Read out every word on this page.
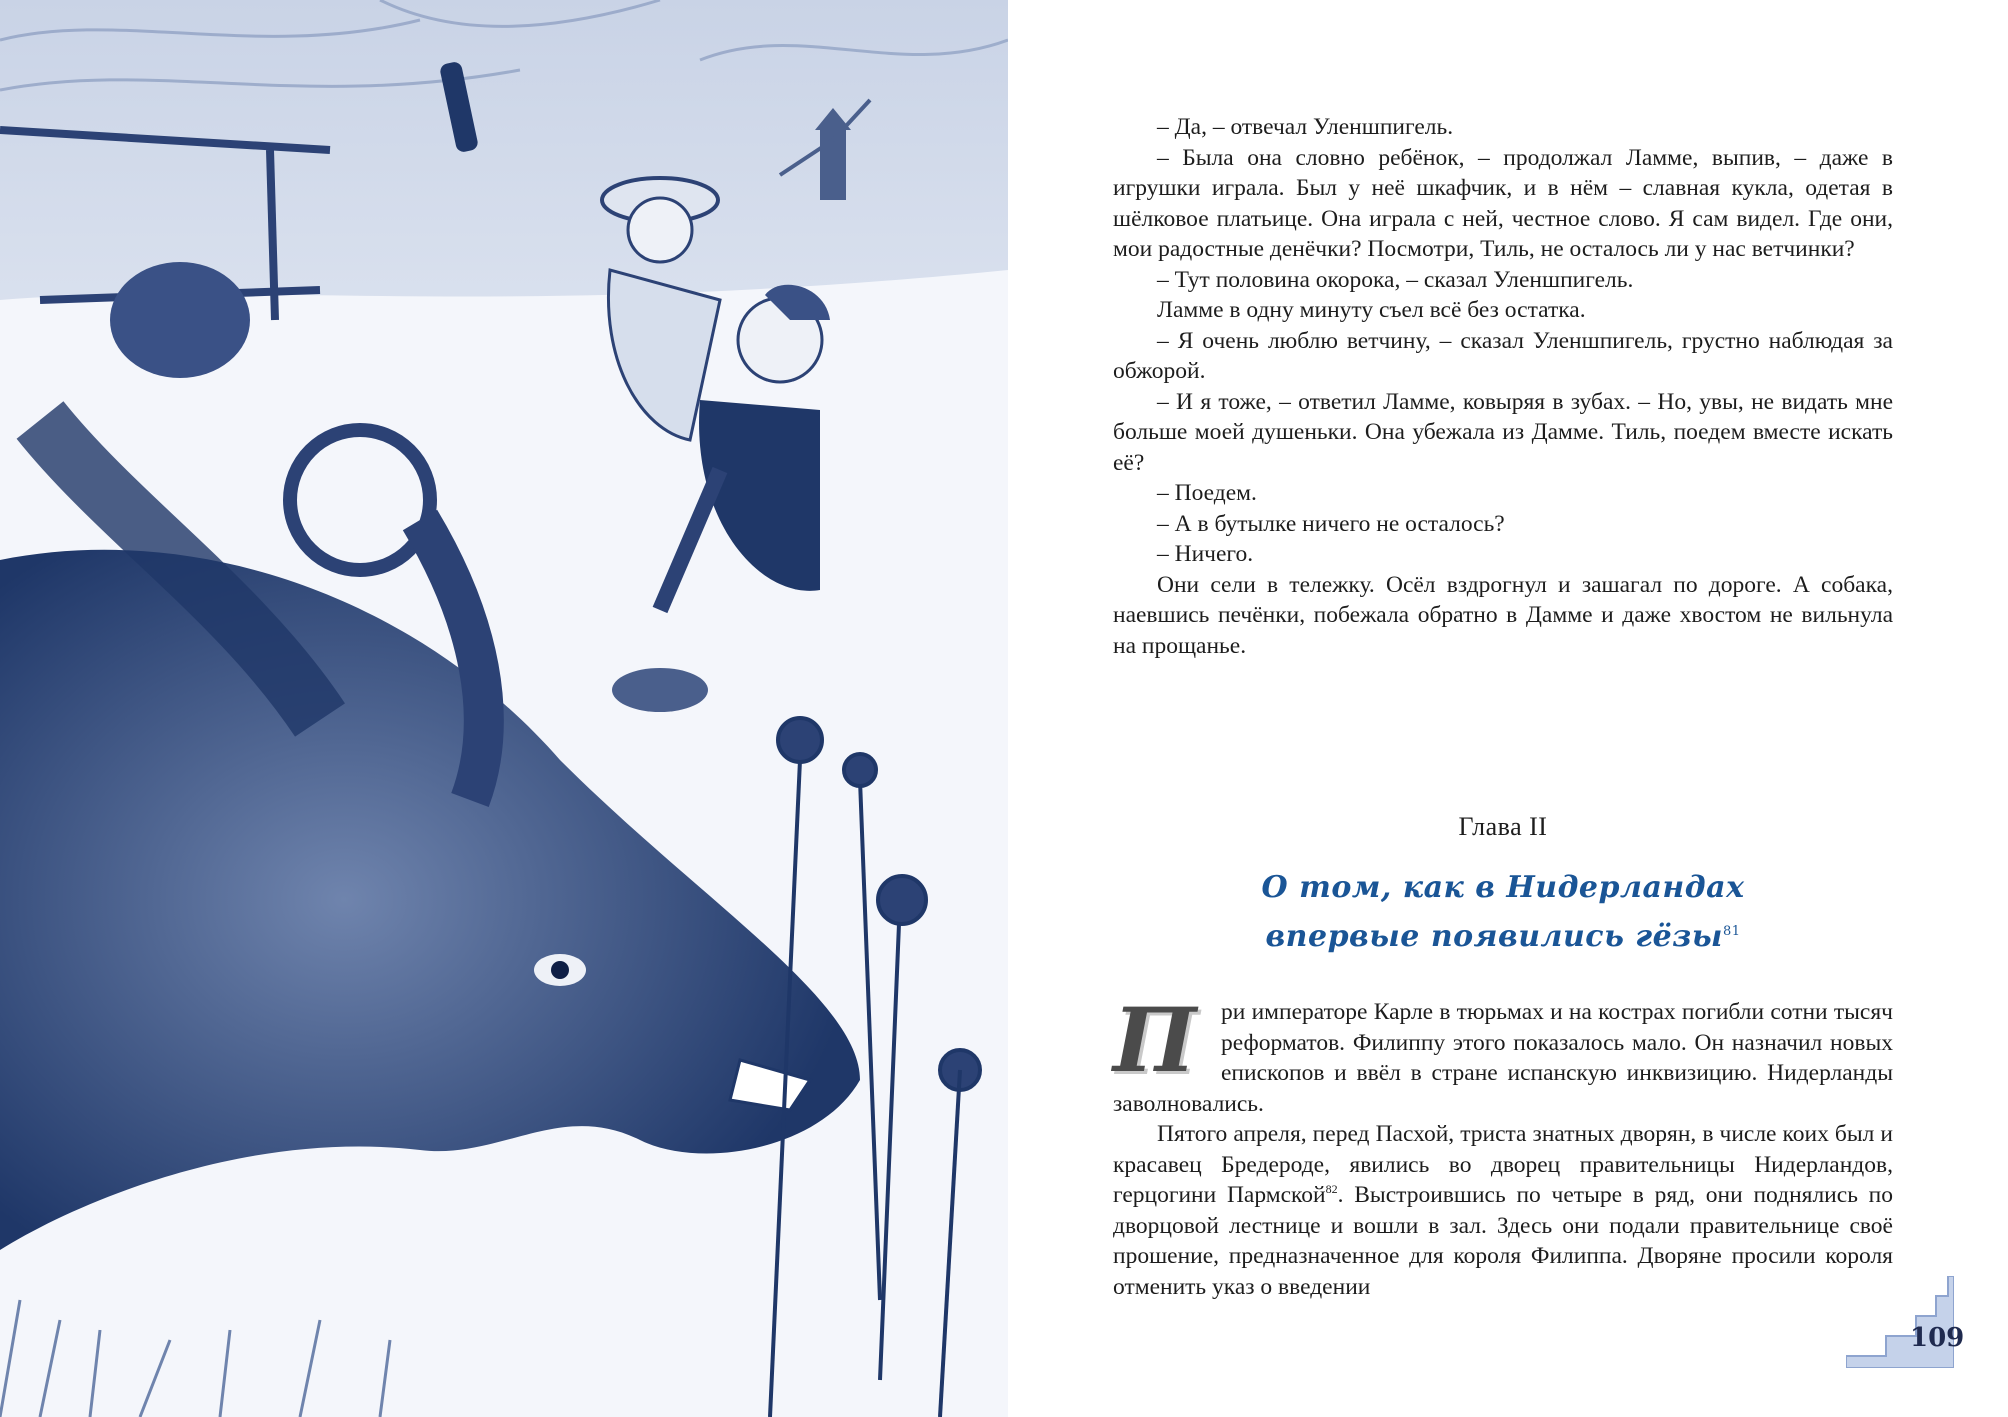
– Да, – отвечал Уленшпигель.

– Была она словно ребёнок, – продолжал Ламме, выпив, – даже в игрушки играла. Был у неё шкафчик, и в нём – славная кукла, одетая в шёлковое платьице. Она играла с ней, честное слово. Я сам видел. Где они, мои радостные денёчки? Посмотри, Тиль, не осталось ли у нас ветчинки?

– Тут половина окорока, – сказал Уленшпигель.

Ламме в одну минуту съел всё без остатка.

– Я очень люблю ветчину, – сказал Уленшпигель, грустно наблюдая за обжорой.

– И я тоже, – ответил Ламме, ковыряя в зубах. – Но, увы, не видать мне больше моей душеньки. Она убежала из Дамме. Тиль, поедем вместе искать её?

– Поедем.

– А в бутылке ничего не осталось?

– Ничего.

Они сели в тележку. Осёл вздрогнул и зашагал по дороге. А собака, наевшись печёнки, побежала обратно в Дамме и даже хвостом не вильнула на прощанье.

Глава II
О том, как в Нидерландах
впервые появились гёзы$^{81}$

П	ри императоре Карле в тюрьмах и на кострах погибли сотни тысяч реформатов. Филиппу этого показалось мало. Он назначил новых епископов и ввёл в стране испанскую инквизицию. Нидерланды заволновались.

Пятого апреля, перед Пасхой, триста знатных дворян, в числе коих был и красавец Бредероде, явились во дворец правительницы Нидерландов, герцогини Пармской$^{82}$. Выстроившись по четыре в ряд, они поднялись по дворцовой лестнице и вошли в зал. Здесь они подали правительнице своё прошение, предназначенное для короля Филиппа. Дворяне просили короля отменить указ о введении

109
